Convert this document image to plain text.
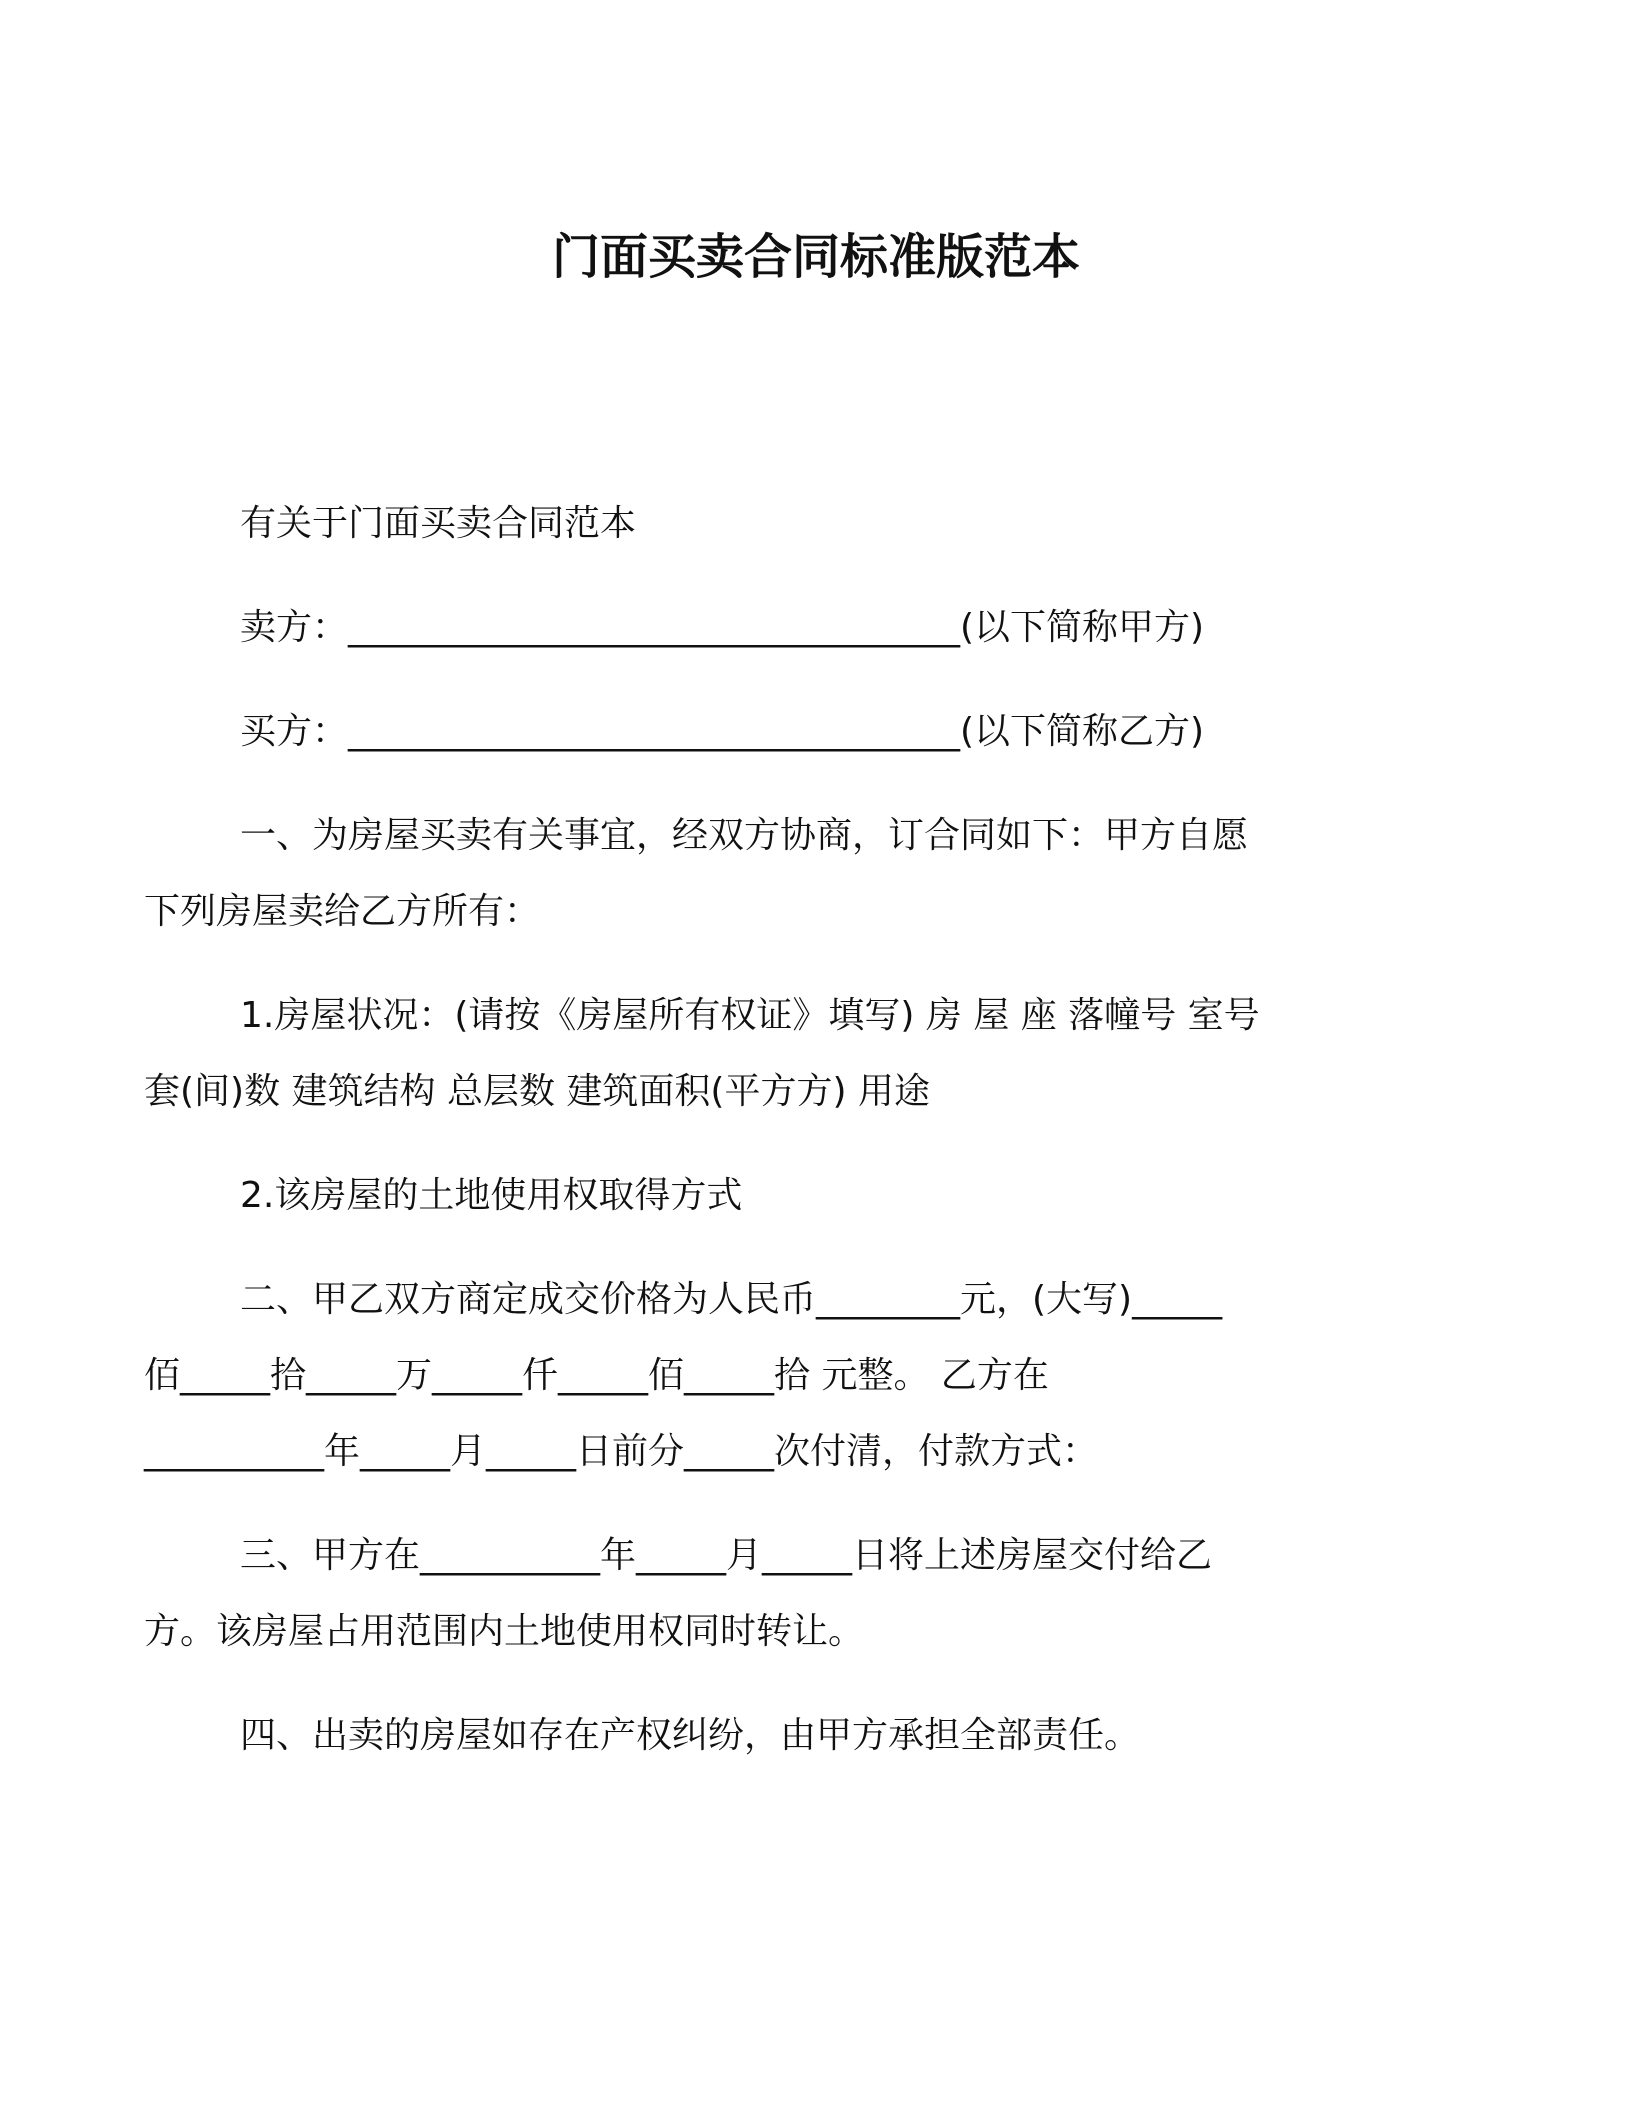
门面买卖合同标准版范本
有关于门面买卖合同范本
卖方：__________________________________(以下简称甲方)
买方：__________________________________(以下简称乙方)
一、为房屋买卖有关事宜，经双方协商，订合同如下：甲方自愿
下列房屋卖给乙方所有：
1.房屋状况：(请按《房屋所有权证》填写) 房 屋 座 落幢号 室号
套(间)数 建筑结构 总层数 建筑面积(平方方) 用途
2.该房屋的土地使用权取得方式
二、甲乙双方商定成交价格为人民币________元，(大写)_____
佰_____拾_____万_____仟_____佰_____拾 元整。 乙方在
__________年_____月_____日前分_____次付清，付款方式：
三、甲方在__________年_____月_____日将上述房屋交付给乙
方。该房屋占用范围内土地使用权同时转让。
四、出卖的房屋如存在产权纠纷，由甲方承担全部责任。
